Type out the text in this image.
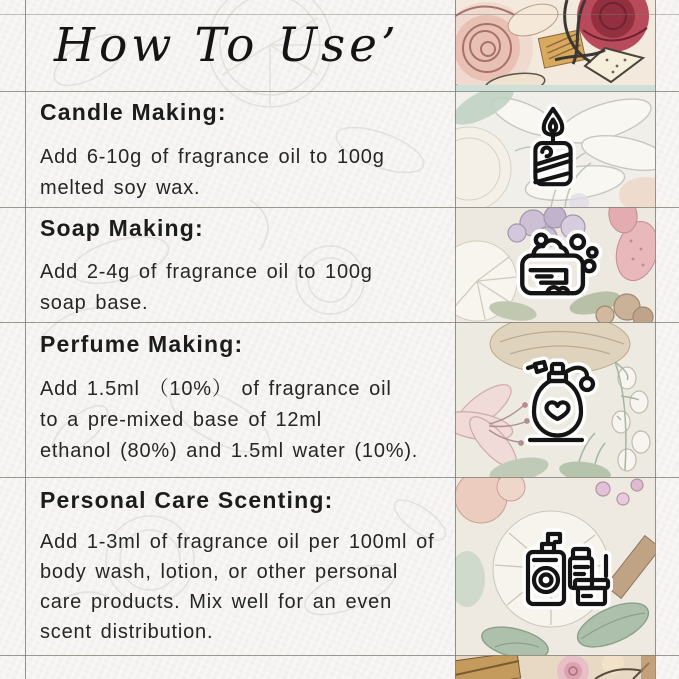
How To Use’
Candle Making:
Add 6-10g of fragrance oil to 100g
melted soy wax.
Soap Making:
Add 2-4g of fragrance oil to 100g
soap base.
Perfume Making:
Add 1.5ml （10%） of fragrance oil
to a pre-mixed base of 12ml
ethanol (80%) and 1.5ml water (10%).
Personal Care Scenting:
Add 1-3ml of fragrance oil per 100ml of
body wash, lotion, or other personal
care products. Mix well for an even
scent distribution.
